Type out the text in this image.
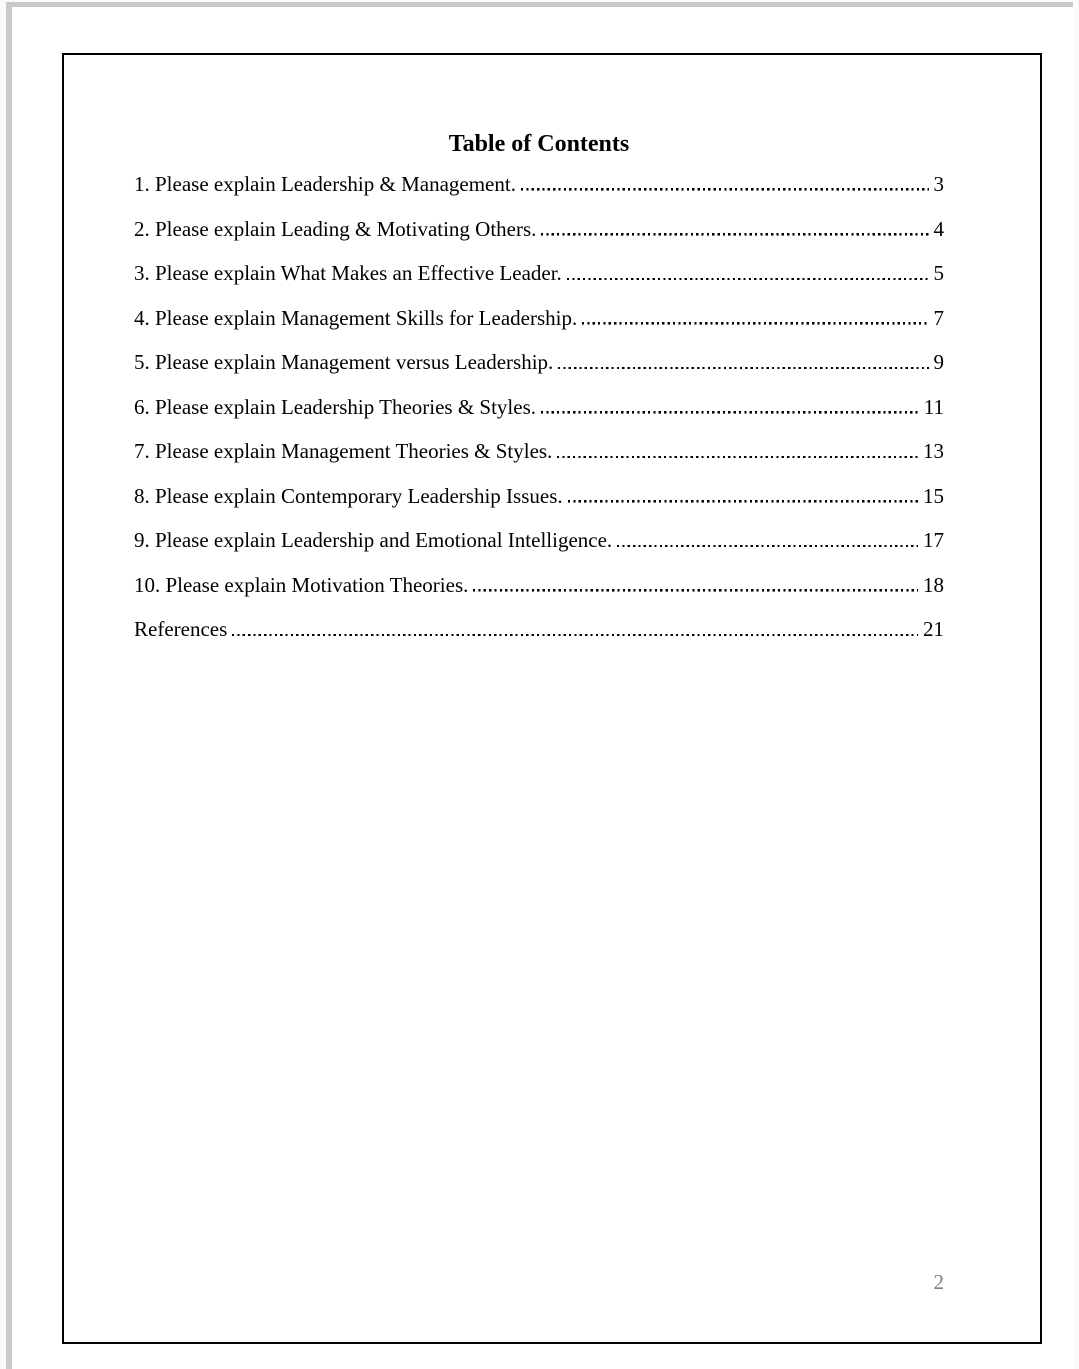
Table of Contents
1. Please explain Leadership & Management.	3
2. Please explain Leading & Motivating Others.	4
3. Please explain What Makes an Effective Leader.	5
4. Please explain Management Skills for Leadership.	7
5. Please explain Management versus Leadership.	9
6. Please explain Leadership Theories & Styles.	11
7. Please explain Management Theories & Styles.	13
8. Please explain Contemporary Leadership Issues.	15
9. Please explain Leadership and Emotional Intelligence.	17
10. Please explain Motivation Theories.	18
References	21
2
